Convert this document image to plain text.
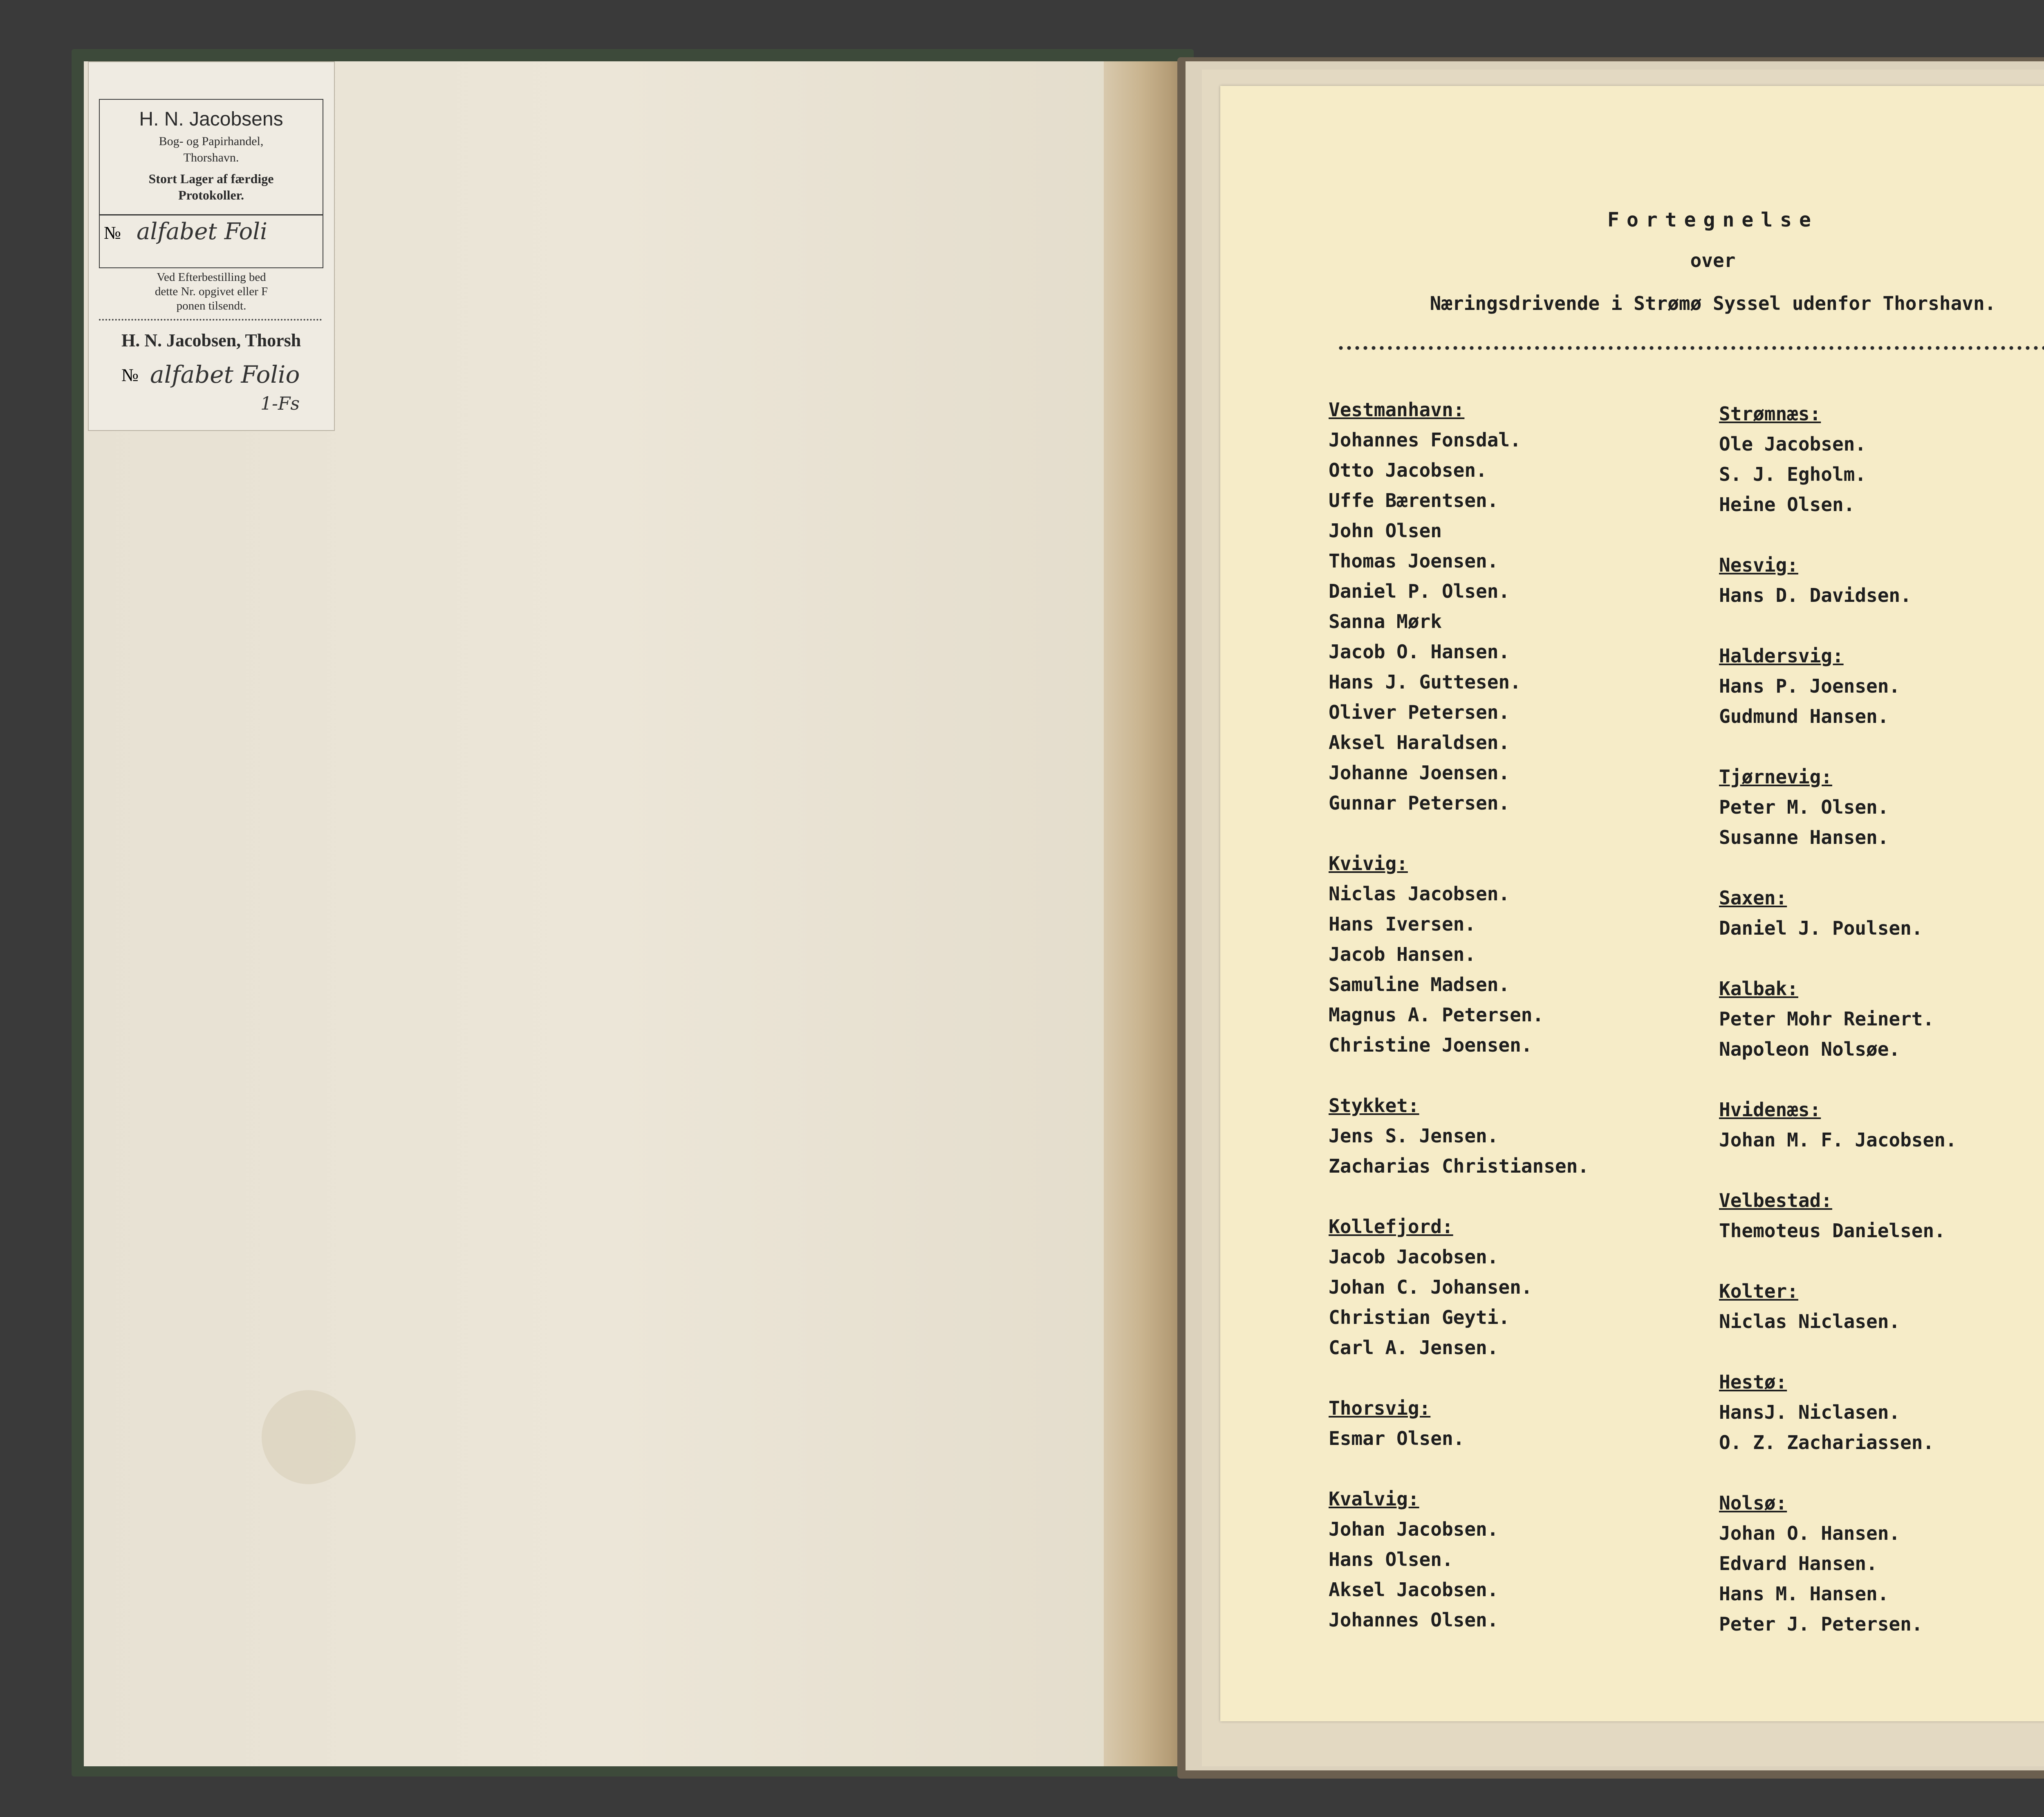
H. N. Jacobsens
Bog- og Papirhandel,
Thorshavn.
Stort Lager af færdige
Protokoller.
№ alfabet Foli
Ved Efterbestilling bed
dette Nr. opgivet eller F
ponen tilsendt.
H. N. Jacobsen, Thorsh
№ alfabet Folio
1-Fs
Fortegnelse
over
Næringsdrivende i Strømø Syssel udenfor Thorshavn.
Vestmanhavn:
Johannes Fonsdal.
Otto Jacobsen.
Uffe Bærentsen.
John Olsen
Thomas Joensen.
Daniel P. Olsen.
Sanna Mørk
Jacob O. Hansen.
Hans J. Guttesen.
Oliver Petersen.
Aksel Haraldsen.
Johanne Joensen.
Gunnar Petersen.
Kvivig:
Niclas Jacobsen.
Hans Iversen.
Jacob Hansen.
Samuline Madsen.
Magnus A. Petersen.
Christine Joensen.
Stykket:
Jens S. Jensen.
Zacharias Christiansen.
Kollefjord:
Jacob Jacobsen.
Johan C. Johansen.
Christian Geyti.
Carl A. Jensen.
Thorsvig:
Esmar Olsen.
Kvalvig:
Johan Jacobsen.
Hans Olsen.
Aksel Jacobsen.
Johannes Olsen.
Strømnæs:
Ole Jacobsen.
S. J. Egholm.
Heine Olsen.
Nesvig:
Hans D. Davidsen.
Haldersvig:
Hans P. Joensen.
Gudmund Hansen.
Tjørnevig:
Peter M. Olsen.
Susanne Hansen.
Saxen:
Daniel J. Poulsen.
Kalbak:
Peter Mohr Reinert.
Napoleon Nolsøe.
Hvidenæs:
Johan M. F. Jacobsen.
Velbestad:
Themoteus Danielsen.
Kolter:
Niclas Niclasen.
Hestø:
HansJ. Niclasen.
O. Z. Zachariassen.
Nolsø:
Johan O. Hansen.
Edvard Hansen.
Hans M. Hansen.
Peter J. Petersen.
